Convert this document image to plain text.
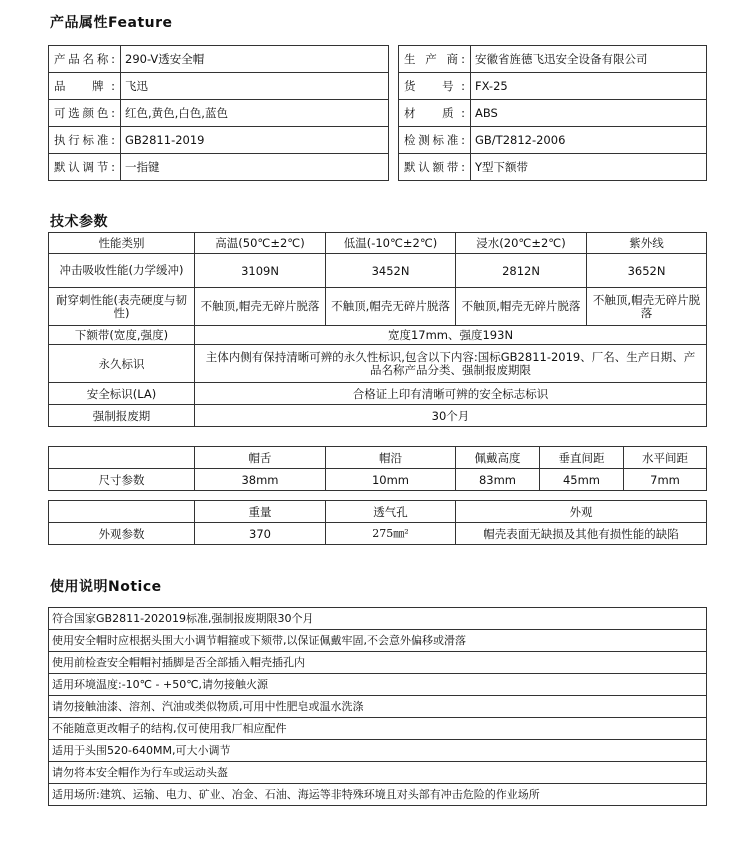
产品属性Feature
产品名称:	290-V透安全帽
品　牌:	飞迅
可选颜色:	红色,黄色,白色,蓝色
执行标准:	GB2811-2019
默认调节:	一指键
生 产 商:	安徽省旌德飞迅安全设备有限公司
货　号:	FX-25
材　质:	ABS
检测标准:	GB/T2812-2006
默认额带:	Y型下额带
技术参数
性能类别	高温(50℃±2℃)	低温(-10℃±2℃)	浸水(20℃±2℃)	紫外线
冲击吸收性能(力学缓冲)	3109N	3452N	2812N	3652N
耐穿刺性能(表壳硬度与韧性)	不触顶,帽壳无碎片脱落	不触顶,帽壳无碎片脱落	不触顶,帽壳无碎片脱落	不触顶,帽壳无碎片脱落
下额带(宽度,强度)	宽度17mm、强度193N			
永久标识	主体内侧有保持清晰可辨的永久性标识,包含以下内容:国标GB2811-2019、厂名、生产日期、产品名称产品分类、强制报废期限			
安全标识(LA)	合格证上印有清晰可辨的安全标志标识			
强制报废期	30个月			
	帽舌	帽沿	佩戴高度	垂直间距	水平间距
尺寸参数	38mm	10mm	83mm	45mm	7mm
	重量	透气孔	外观
外观参数	370	275㎜²	帽壳表面无缺损及其他有损性能的缺陷
使用说明Notice
符合国家GB2811-202019标准,强制报废期限30个月
使用安全帽时应根据头围大小调节帽箍或下颏带,以保证佩戴牢固,不会意外偏移或滑落
使用前检查安全帽帽衬插脚是否全部插入帽壳插孔内
适用环境温度:-10℃ - +50℃,请勿接触火源
请勿接触油漆、溶剂、汽油或类似物质,可用中性肥皂或温水洗涤
不能随意更改帽子的结构,仅可使用我厂相应配件
适用于头围520-640MM,可大小调节
请勿将本安全帽作为行车或运动头盔
适用场所:建筑、运输、电力、矿业、冶金、石油、海运等非特殊环境且对头部有冲击危险的作业场所
